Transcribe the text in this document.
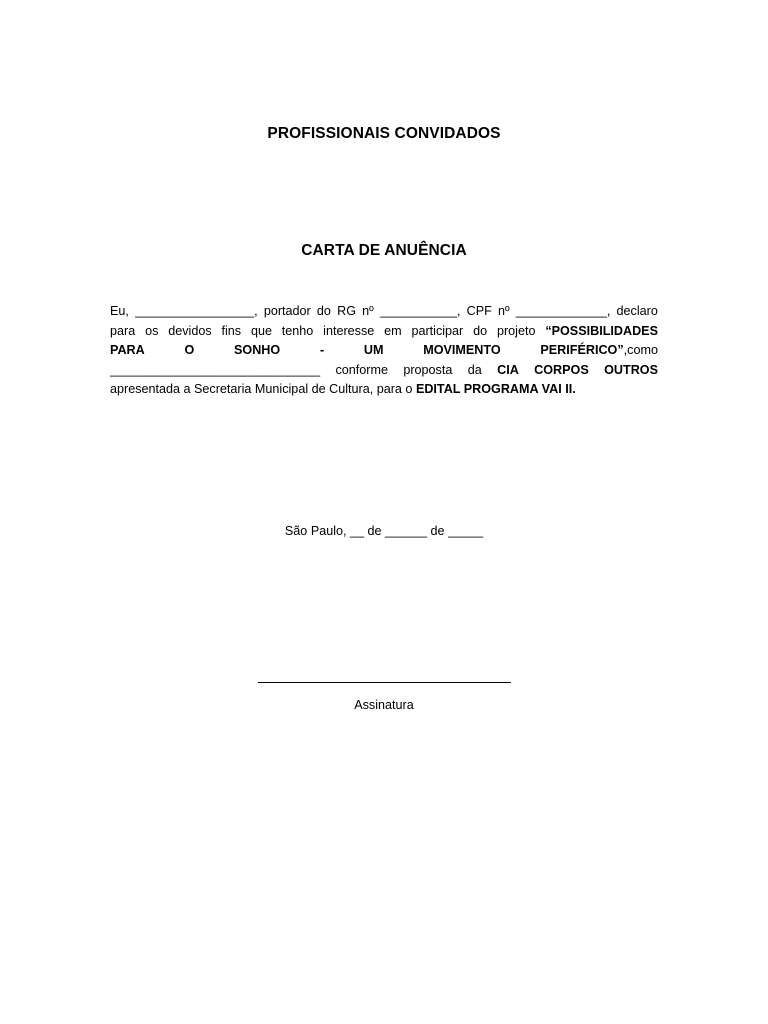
PROFISSIONAIS CONVIDADOS
CARTA DE ANUÊNCIA
Eu, _________________, portador do RG nº ___________, CPF nº _____________, declaro
para os devidos fins que tenho interesse em participar do projeto “POSSIBILIDADES
PARA	O	SONHO	-	UM	MOVIMENTO	PERIFÉRICO”,como
______________________________ conforme proposta da CIA CORPOS OUTROS
apresentada a Secretaria Municipal de Cultura, para o EDITAL PROGRAMA VAI II.
São Paulo, __ de ______ de _____
Assinatura
